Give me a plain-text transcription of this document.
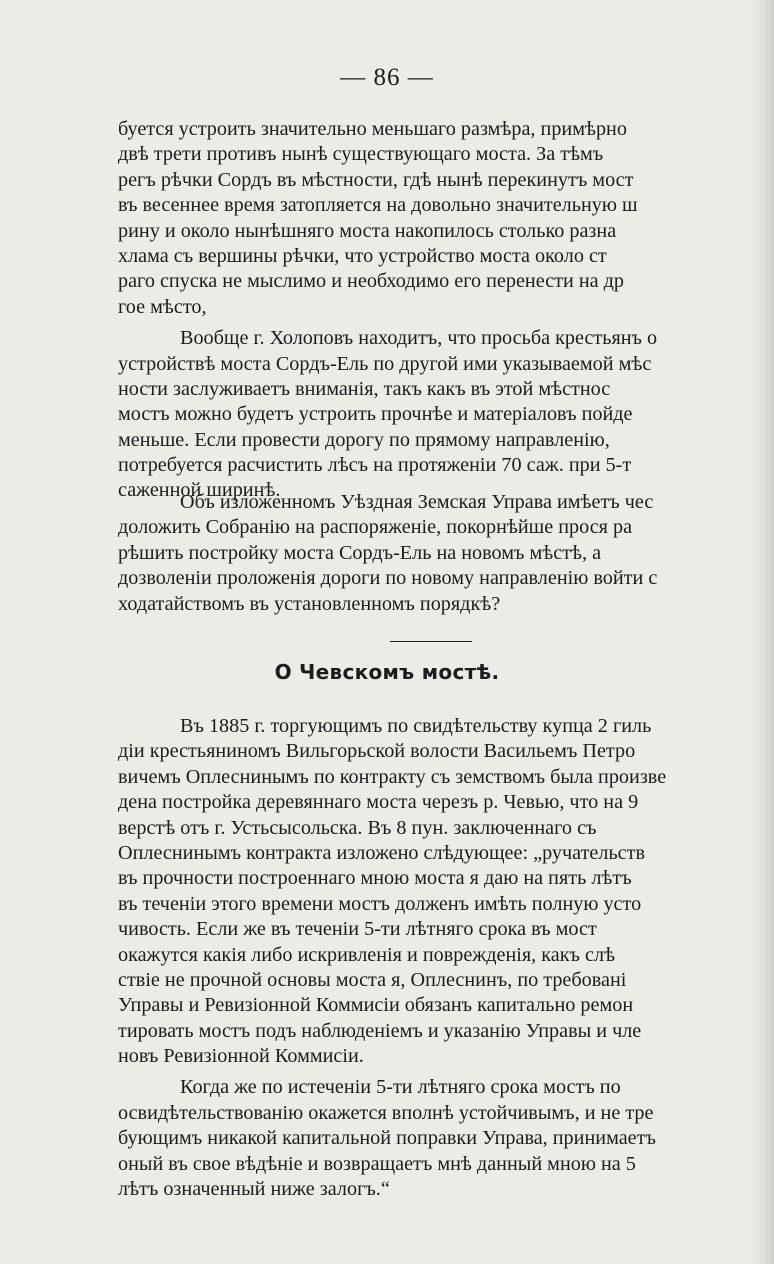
— 86 —
буется устроить значительно меньшаго размѣра, примѣрно
двѣ трети противъ нынѣ существующаго моста. За тѣмъ
регъ рѣчки Сордъ въ мѣстности, гдѣ нынѣ перекинутъ мост
въ весеннее время затопляется на довольно значительную ш
рину и около нынѣшняго моста накопилось столько разна
хлама съ вершины рѣчки, что устройство моста около ст
раго спуска не мыслимо и необходимо его перенести на др
гое мѣсто,
Вообще г. Холоповъ находитъ, что просьба крестьянъ о
устройствѣ моста Сордъ-Ель по другой ими указываемой мѣс
ности заслуживаетъ вниманія, такъ какъ въ этой мѣстнос
мостъ можно будетъ устроить прочнѣе и матеріаловъ пойде
меньше. Если провести дорогу по прямому направленію,
потребуется расчистить лѣсъ на протяженіи 70 саж. при 5-т
саженной ширинѣ.
Объ изложенномъ Уѣздная Земская Управа имѣетъ чес
доложить Собранію на распоряженіе, покорнѣйше прося ра
рѣшить постройку моста Сордъ-Ель на новомъ мѣстѣ, а
дозволеніи проложенія дороги по новому направленію войти с
ходатайствомъ въ установленномъ порядкѣ?
О Чевскомъ мостѣ.
Въ 1885 г. торгующимъ по свидѣтельству купца 2 гиль
діи крестьяниномъ Вильгорьской волости Васильемъ Петро
вичемъ Оплеснинымъ по контракту съ земствомъ была произве
дена постройка деревяннаго моста черезъ р. Чевью, что на 9
верстѣ отъ г. Устьсысольска. Въ 8 пун. заключеннаго съ
Оплеснинымъ контракта изложено слѣдующее: „ручательств
въ прочности построеннаго мною моста я даю на пять лѣтъ
въ теченіи этого времени мостъ долженъ имѣть полную усто
чивость. Если же въ теченіи 5-ти лѣтняго срока въ мост
окажутся какія либо искривленія и поврежденія, какъ слѣ
ствіе не прочной основы моста я, Оплеснинъ, по требовані
Управы и Ревизіонной Коммисіи обязанъ капитально ремон
тировать мостъ подъ наблюденіемъ и указанію Управы и чле
новъ Ревизіонной Коммисіи.
Когда же по истеченіи 5-ти лѣтняго срока мостъ по
освидѣтельствованію окажется вполнѣ устойчивымъ, и не тре
бующимъ никакой капитальной поправки Управа, принимаетъ
оный въ свое вѣдѣніе и возвращаетъ мнѣ данный мною на 5
лѣтъ означенный ниже залогъ.“
